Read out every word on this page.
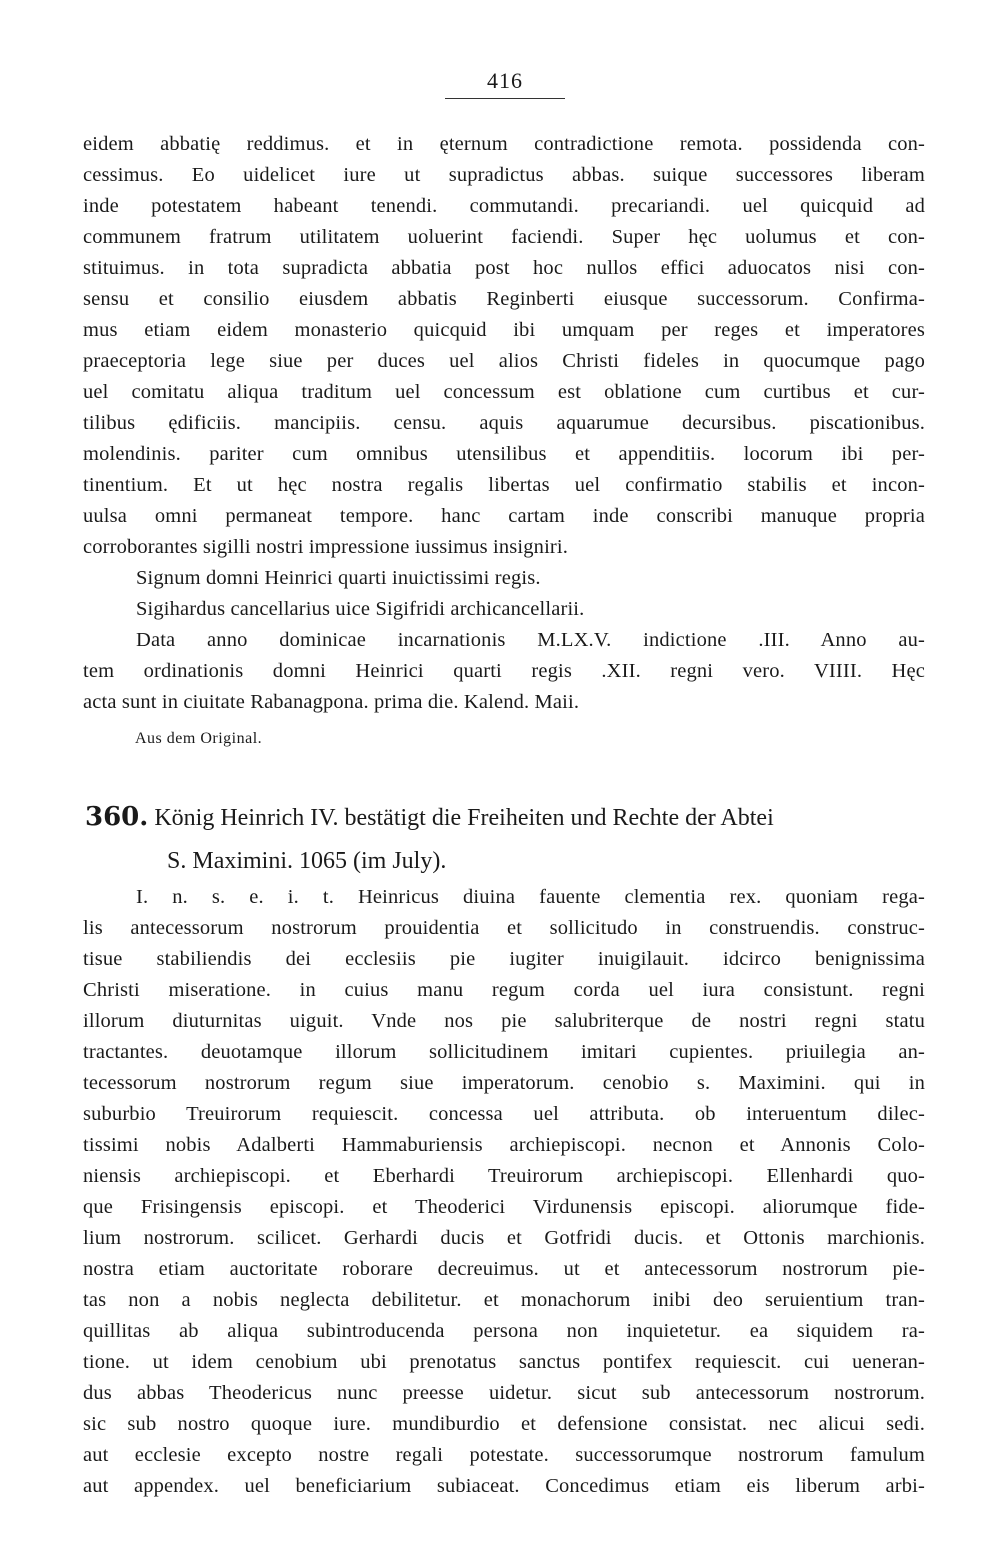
416
eidem abbatię reddimus. et in ęternum contradictione remota. possidenda con-
cessimus. Eo uidelicet iure ut supradictus abbas. suique successores liberam
inde potestatem habeant tenendi. commutandi. precariandi. uel quicquid ad
communem fratrum utilitatem uoluerint faciendi. Super hęc uolumus et con-
stituimus. in tota supradicta abbatia post hoc nullos effici aduocatos nisi con-
sensu et consilio eiusdem abbatis Reginberti eiusque successorum. Confirma-
mus etiam eidem monasterio quicquid ibi umquam per reges et imperatores
praeceptoria lege siue per duces uel alios Christi fideles in quocumque pago
uel comitatu aliqua traditum uel concessum est oblatione cum curtibus et cur-
tilibus ędificiis. mancipiis. censu. aquis aquarumue decursibus. piscationibus.
molendinis. pariter cum omnibus utensilibus et appenditiis. locorum ibi per-
tinentium. Et ut hęc nostra regalis libertas uel confirmatio stabilis et incon-
uulsa omni permaneat tempore. hanc cartam inde conscribi manuque propria
corroborantes sigilli nostri impressione iussimus insigniri.
Signum domni Heinrici quarti inuictissimi regis.
Sigihardus cancellarius uice Sigifridi archicancellarii.
Data anno dominicae incarnationis M.LX.V. indictione .III. Anno au-
tem ordinationis domni Heinrici quarti regis .XII. regni vero. VIIII. Hęc
acta sunt in ciuitate Rabanagpona. prima die. Kalend. Maii.
Aus dem Original.
360. König Heinrich IV. bestätigt die Freiheiten und Rechte der Abtei
S. Maximini. 1065 (im July).
I. n. s. e. i. t. Heinricus diuina fauente clementia rex. quoniam rega-
lis antecessorum nostrorum prouidentia et sollicitudo in construendis. construc-
tisue stabiliendis dei ecclesiis pie iugiter inuigilauit. idcirco benignissima
Christi miseratione. in cuius manu regum corda uel iura consistunt. regni
illorum diuturnitas uiguit. Vnde nos pie salubriterque de nostri regni statu
tractantes. deuotamque illorum sollicitudinem imitari cupientes. priuilegia an-
tecessorum nostrorum regum siue imperatorum. cenobio s. Maximini. qui in
suburbio Treuirorum requiescit. concessa uel attributa. ob interuentum dilec-
tissimi nobis Adalberti Hammaburiensis archiepiscopi. necnon et Annonis Colo-
niensis archiepiscopi. et Eberhardi Treuirorum archiepiscopi. Ellenhardi quo-
que Frisingensis episcopi. et Theoderici Virdunensis episcopi. aliorumque fide-
lium nostrorum. scilicet. Gerhardi ducis et Gotfridi ducis. et Ottonis marchionis.
nostra etiam auctoritate roborare decreuimus. ut et antecessorum nostrorum pie-
tas non a nobis neglecta debilitetur. et monachorum inibi deo seruientium tran-
quillitas ab aliqua subintroducenda persona non inquietetur. ea siquidem ra-
tione. ut idem cenobium ubi prenotatus sanctus pontifex requiescit. cui ueneran-
dus abbas Theodericus nunc preesse uidetur. sicut sub antecessorum nostrorum.
sic sub nostro quoque iure. mundiburdio et defensione consistat. nec alicui sedi.
aut ecclesie excepto nostre regali potestate. successorumque nostrorum famulum
aut appendex. uel beneficiarium subiaceat. Concedimus etiam eis liberum arbi-
